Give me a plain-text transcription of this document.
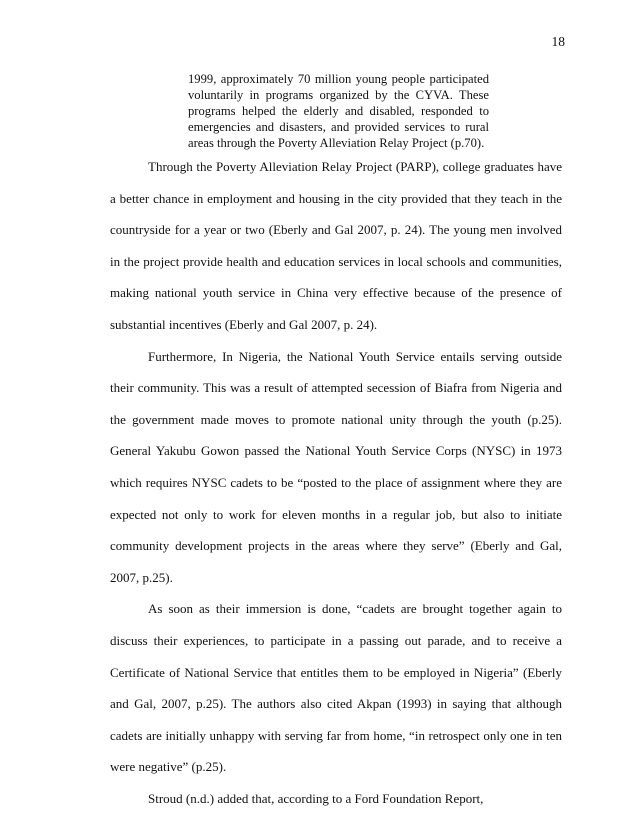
18
1999, approximately 70 million young people participated voluntarily in programs organized by the CYVA. These programs helped the elderly and disabled, responded to emergencies and disasters, and provided services to rural areas through the Poverty Alleviation Relay Project (p.70).

Through the Poverty Alleviation Relay Project (PARP), college graduates have a better chance in employment and housing in the city provided that they teach in the countryside for a year or two (Eberly and Gal 2007, p. 24). The young men involved in the project provide health and education services in local schools and communities, making national youth service in China very effective because of the presence of substantial incentives (Eberly and Gal 2007, p. 24).

Furthermore, In Nigeria, the National Youth Service entails serving outside their community. This was a result of attempted secession of Biafra from Nigeria and the government made moves to promote national unity through the youth (p.25). General Yakubu Gowon passed the National Youth Service Corps (NYSC) in 1973 which requires NYSC cadets to be “posted to the place of assignment where they are expected not only to work for eleven months in a regular job, but also to initiate community development projects in the areas where they serve” (Eberly and Gal, 2007, p.25).

As soon as their immersion is done, “cadets are brought together again to discuss their experiences, to participate in a passing out parade, and to receive a Certificate of National Service that entitles them to be employed in Nigeria” (Eberly and Gal, 2007, p.25). The authors also cited Akpan (1993) in saying that although cadets are initially unhappy with serving far from home, “in retrospect only one in ten were negative” (p.25).

Stroud (n.d.) added that, according to a Ford Foundation Report,
